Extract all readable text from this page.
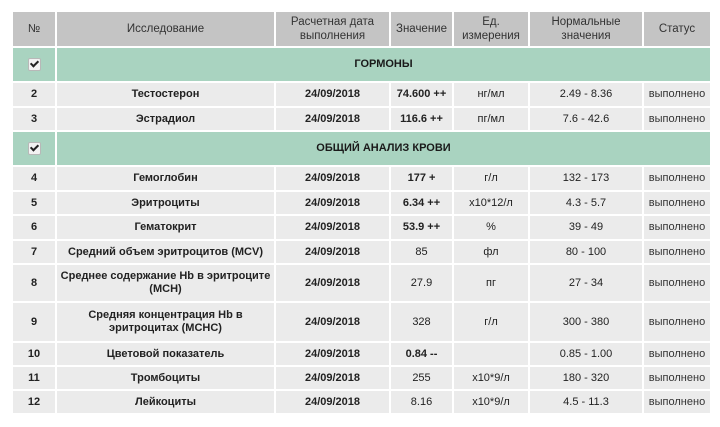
№	Исследование	Расчетная дата выполнения	Значение	Ед. измерения	Нормальные значения	Статус
	ГОРМОНЫ					
2	Тестостерон	24/09/2018	74.600 ++	нг/мл	2.49 - 8.36	выполнено
3	Эстрадиол	24/09/2018	116.6 ++	пг/мл	7.6 - 42.6	выполнено
	ОБЩИЙ АНАЛИЗ КРОВИ					
4	Гемоглобин	24/09/2018	177 +	г/л	132 - 173	выполнено
5	Эритроциты	24/09/2018	6.34 ++	x10*12/л	4.3 - 5.7	выполнено
6	Гематокрит	24/09/2018	53.9 ++	%	39 - 49	выполнено
7	Средний объем эритроцитов (MCV)	24/09/2018	85	фл	80 - 100	выполнено
8	Среднее содержание Hb в эритроците (MCH)	24/09/2018	27.9	пг	27 - 34	выполнено
9	Средняя концентрация Hb в эритроцитах (MCHC)	24/09/2018	328	г/л	300 - 380	выполнено
10	Цветовой показатель	24/09/2018	0.84 --		0.85 - 1.00	выполнено
11	Тромбоциты	24/09/2018	255	x10*9/л	180 - 320	выполнено
12	Лейкоциты	24/09/2018	8.16	x10*9/л	4.5 - 11.3	выполнено
